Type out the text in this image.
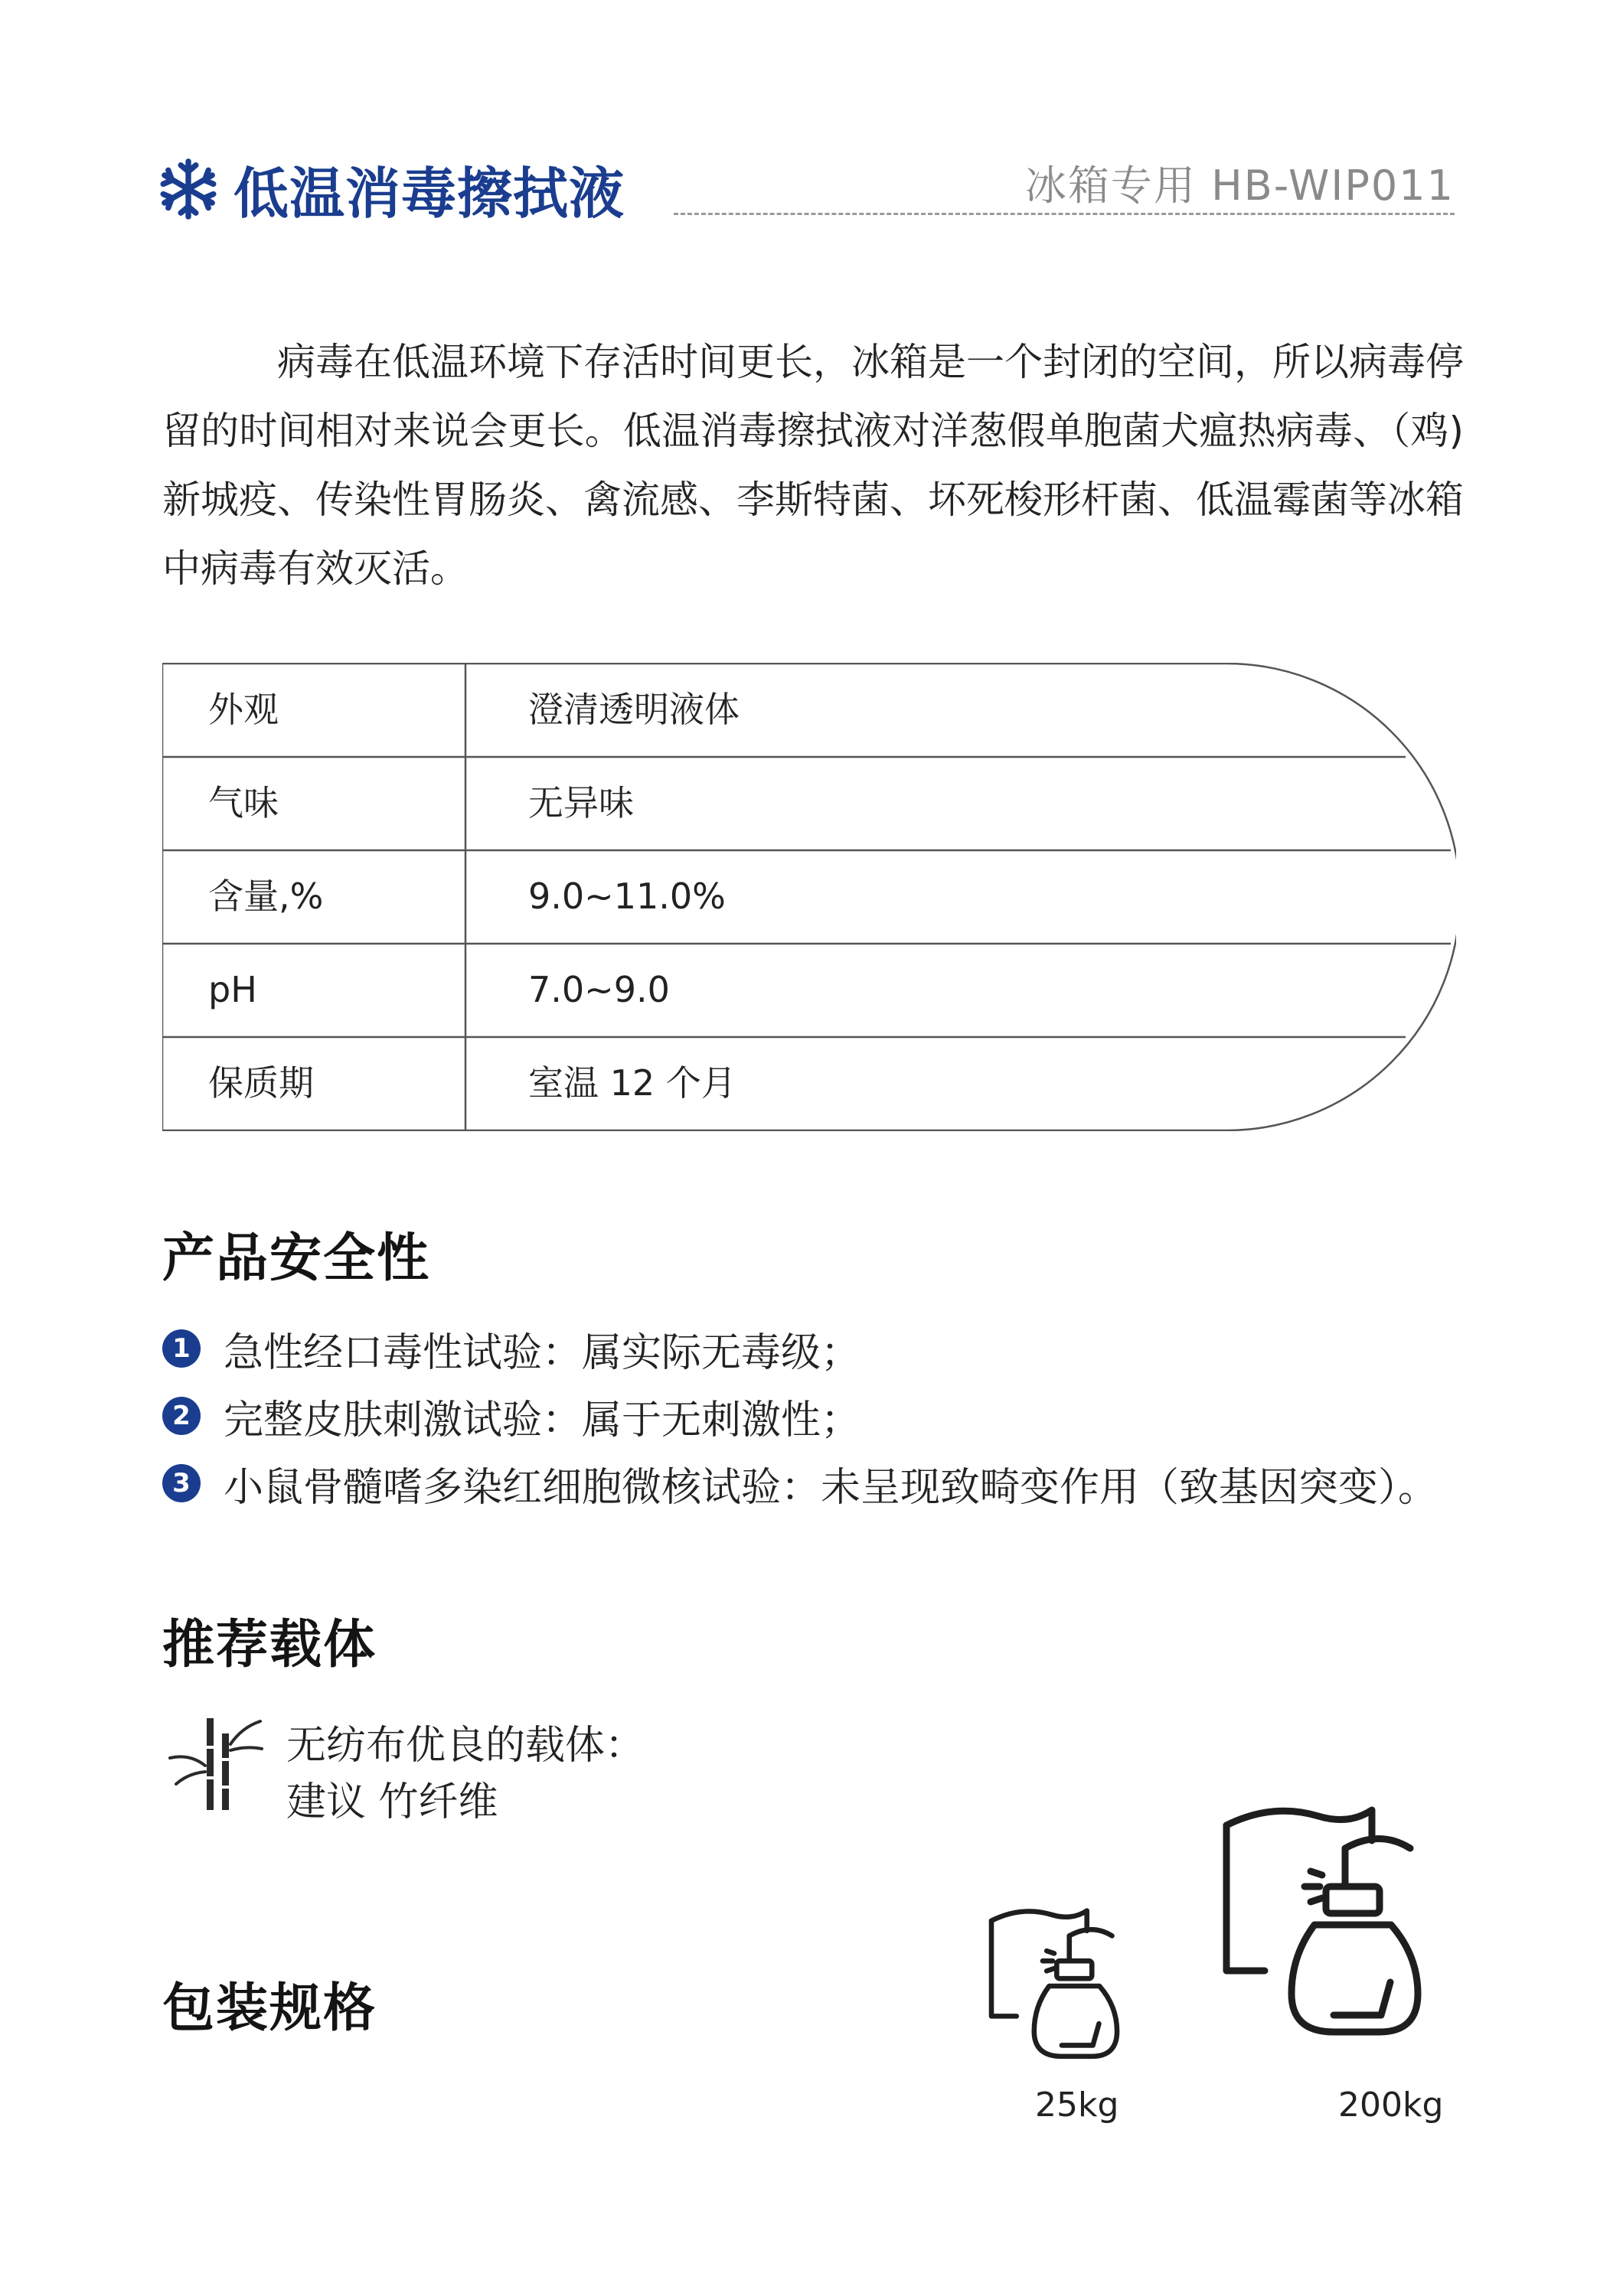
低温消毒擦拭液	冰箱专用 HB-WIP011
病毒在低温环境下存活时间更长，冰箱是一个封闭的空间，所以病毒停留的时间相对来说会更长。低温消毒擦拭液对洋葱假单胞菌犬瘟热病毒、（鸡)新城疫、传染性胃肠炎、禽流感、李斯特菌、坏死梭形杆菌、低温霉菌等冰箱中病毒有效灭活。
外观	澄清透明液体
气味	无异味
含量,%	9.0~11.0%
pH	7.0~9.0
保质期	室温 12 个月
产品安全性
1 急性经口毒性试验：属实际无毒级；
2 完整皮肤刺激试验：属于无刺激性；
3 小鼠骨髓嗜多染红细胞微核试验：未呈现致畸变作用（致基因突变）。
推荐载体
无纺布优良的载体：
建议 竹纤维
包装规格
25kg	200kg
